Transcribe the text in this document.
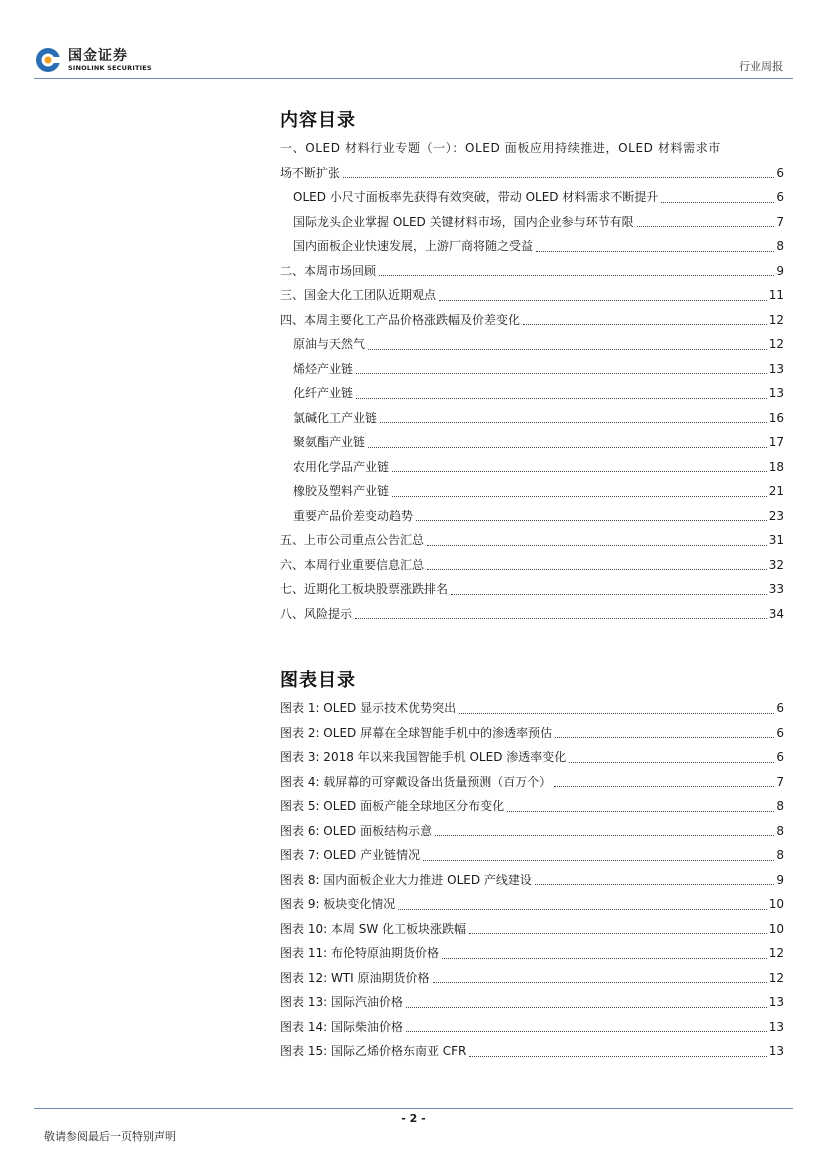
国金证券
SINOLINK SECURITIES	行业周报
内容目录
一、OLED 材料行业专题（一）：OLED 面板应用持续推进，OLED 材料需求市
场不断扩张	6
OLED 小尺寸面板率先获得有效突破，带动 OLED 材料需求不断提升	6
国际龙头企业掌握 OLED 关键材料市场，国内企业参与环节有限	7
国内面板企业快速发展，上游厂商将随之受益	8
二、本周市场回顾	9
三、国金大化工团队近期观点	11
四、本周主要化工产品价格涨跌幅及价差变化	12
原油与天然气	12
烯烃产业链	13
化纤产业链	13
氯碱化工产业链	16
聚氨酯产业链	17
农用化学品产业链	18
橡胶及塑料产业链	21
重要产品价差变动趋势	23
五、上市公司重点公告汇总	31
六、本周行业重要信息汇总	32
七、近期化工板块股票涨跌排名	33
八、风险提示	34
图表目录
图表 1: OLED 显示技术优势突出	6
图表 2: OLED 屏幕在全球智能手机中的渗透率预估	6
图表 3: 2018 年以来我国智能手机 OLED 渗透率变化	6
图表 4: 载屏幕的可穿戴设备出货量预测（百万个）	7
图表 5: OLED 面板产能全球地区分布变化	8
图表 6: OLED 面板结构示意	8
图表 7: OLED 产业链情况	8
图表 8: 国内面板企业大力推进 OLED 产线建设	9
图表 9: 板块变化情况	10
图表 10: 本周 SW 化工板块涨跌幅	10
图表 11: 布伦特原油期货价格	12
图表 12: WTI 原油期货价格	12
图表 13: 国际汽油价格	13
图表 14: 国际柴油价格	13
图表 15: 国际乙烯价格东南亚 CFR	13
- 2 -
敬请参阅最后一页特别声明
